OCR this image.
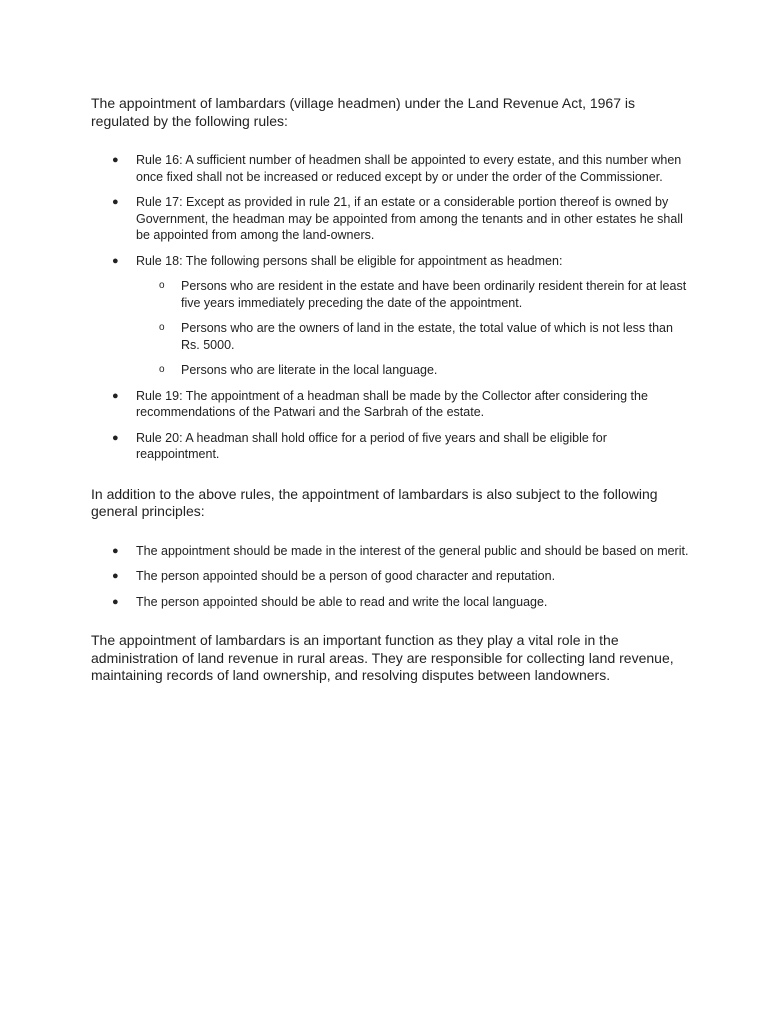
The appointment of lambardars (village headmen) under the Land Revenue Act, 1967 is regulated by the following rules:

● Rule 16: A sufficient number of headmen shall be appointed to every estate, and this number when once fixed shall not be increased or reduced except by or under the order of the Commissioner.
● Rule 17: Except as provided in rule 21, if an estate or a considerable portion thereof is owned by Government, the headman may be appointed from among the tenants and in other estates he shall be appointed from among the land-owners.
● Rule 18: The following persons shall be eligible for appointment as headmen:
o Persons who are resident in the estate and have been ordinarily resident therein for at least five years immediately preceding the date of the appointment.
o Persons who are the owners of land in the estate, the total value of which is not less than Rs. 5000.
o Persons who are literate in the local language.
● Rule 19: The appointment of a headman shall be made by the Collector after considering the recommendations of the Patwari and the Sarbrah of the estate.
● Rule 20: A headman shall hold office for a period of five years and shall be eligible for reappointment.

In addition to the above rules, the appointment of lambardars is also subject to the following general principles:

● The appointment should be made in the interest of the general public and should be based on merit.
● The person appointed should be a person of good character and reputation.
● The person appointed should be able to read and write the local language.

The appointment of lambardars is an important function as they play a vital role in the administration of land revenue in rural areas. They are responsible for collecting land revenue, maintaining records of land ownership, and resolving disputes between landowners.
